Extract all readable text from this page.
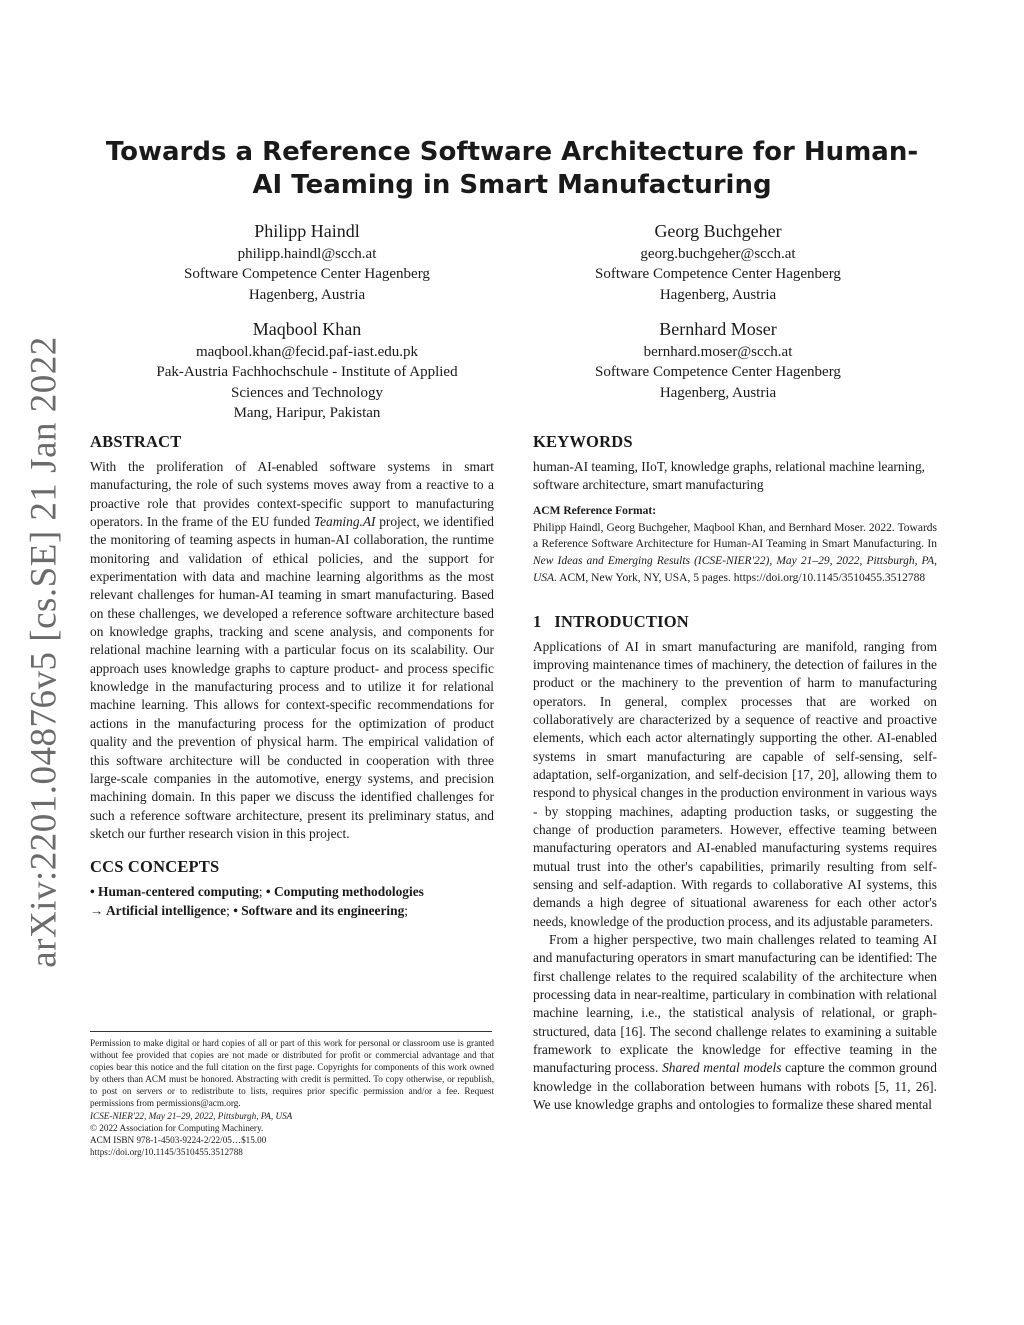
arXiv:2201.04876v5 [cs.SE] 21 Jan 2022
Towards a Reference Software Architecture for Human-AI Teaming in Smart Manufacturing
Philipp Haindl
philipp.haindl@scch.at
Software Competence Center Hagenberg
Hagenberg, Austria
Georg Buchgeher
georg.buchgeher@scch.at
Software Competence Center Hagenberg
Hagenberg, Austria
Maqbool Khan
maqbool.khan@fecid.paf-iast.edu.pk
Pak-Austria Fachhochschule - Institute of Applied Sciences and Technology
Mang, Haripur, Pakistan
Bernhard Moser
bernhard.moser@scch.at
Software Competence Center Hagenberg
Hagenberg, Austria
ABSTRACT

With the proliferation of AI-enabled software systems in smart manufacturing, the role of such systems moves away from a reactive to a proactive role that provides context-specific support to manufacturing operators. In the frame of the EU funded Teaming.AI project, we identified the monitoring of teaming aspects in human-AI collaboration, the runtime monitoring and validation of ethical policies, and the support for experimentation with data and machine learning algorithms as the most relevant challenges for human-AI teaming in smart manufacturing. Based on these challenges, we developed a reference software architecture based on knowledge graphs, tracking and scene analysis, and components for relational machine learning with a particular focus on its scalability. Our approach uses knowledge graphs to capture product- and process specific knowledge in the manufacturing process and to utilize it for relational machine learning. This allows for context-specific recommendations for actions in the manufacturing process for the optimization of product quality and the prevention of physical harm. The empirical validation of this software architecture will be conducted in cooperation with three large-scale companies in the automotive, energy systems, and precision machining domain. In this paper we discuss the identified challenges for such a reference software architecture, present its preliminary status, and sketch our further research vision in this project.

CCS CONCEPTS

• Human-centered computing; • Computing methodologies
→ Artificial intelligence; • Software and its engineering;

Permission to make digital or hard copies of all or part of this work for personal or classroom use is granted without fee provided that copies are not made or distributed for profit or commercial advantage and that copies bear this notice and the full citation on the first page. Copyrights for components of this work owned by others than ACM must be honored. Abstracting with credit is permitted. To copy otherwise, or republish, to post on servers or to redistribute to lists, requires prior specific permission and/or a fee. Request permissions from permissions@acm.org.
ICSE-NIER'22, May 21–29, 2022, Pittsburgh, PA, USA
© 2022 Association for Computing Machinery.
ACM ISBN 978-1-4503-9224-2/22/05…$15.00
https://doi.org/10.1145/3510455.3512788

KEYWORDS

human-AI teaming, IIoT, knowledge graphs, relational machine learning, software architecture, smart manufacturing

ACM Reference Format:

Philipp Haindl, Georg Buchgeher, Maqbool Khan, and Bernhard Moser. 2022. Towards a Reference Software Architecture for Human-AI Teaming in Smart Manufacturing. In New Ideas and Emerging Results (ICSE-NIER'22), May 21–29, 2022, Pittsburgh, PA, USA. ACM, New York, NY, USA, 5 pages. https://doi.org/10.1145/3510455.3512788

1   INTRODUCTION

Applications of AI in smart manufacturing are manifold, ranging from improving maintenance times of machinery, the detection of failures in the product or the machinery to the prevention of harm to manufacturing operators. In general, complex processes that are worked on collaboratively are characterized by a sequence of reactive and proactive elements, which each actor alternatingly supporting the other. AI-enabled systems in smart manufacturing are capable of self-sensing, self-adaptation, self-organization, and self-decision [17, 20], allowing them to respond to physical changes in the production environment in various ways - by stopping machines, adapting production tasks, or suggesting the change of production parameters. However, effective teaming between manufacturing operators and AI-enabled manufacturing systems requires mutual trust into the other's capabilities, primarily resulting from self-sensing and self-adaption. With regards to collaborative AI systems, this demands a high degree of situational awareness for each other actor's needs, knowledge of the production process, and its adjustable parameters.

From a higher perspective, two main challenges related to teaming AI and manufacturing operators in smart manufacturing can be identified: The first challenge relates to the required scalability of the architecture when processing data in near-realtime, particulary in combination with relational machine learning, i.e., the statistical analysis of relational, or graph-structured, data [16]. The second challenge relates to examining a suitable framework to explicate the knowledge for effective teaming in the manufacturing process. Shared mental models capture the common ground knowledge in the collaboration between humans with robots [5, 11, 26]. We use knowledge graphs and ontologies to formalize these shared mental
